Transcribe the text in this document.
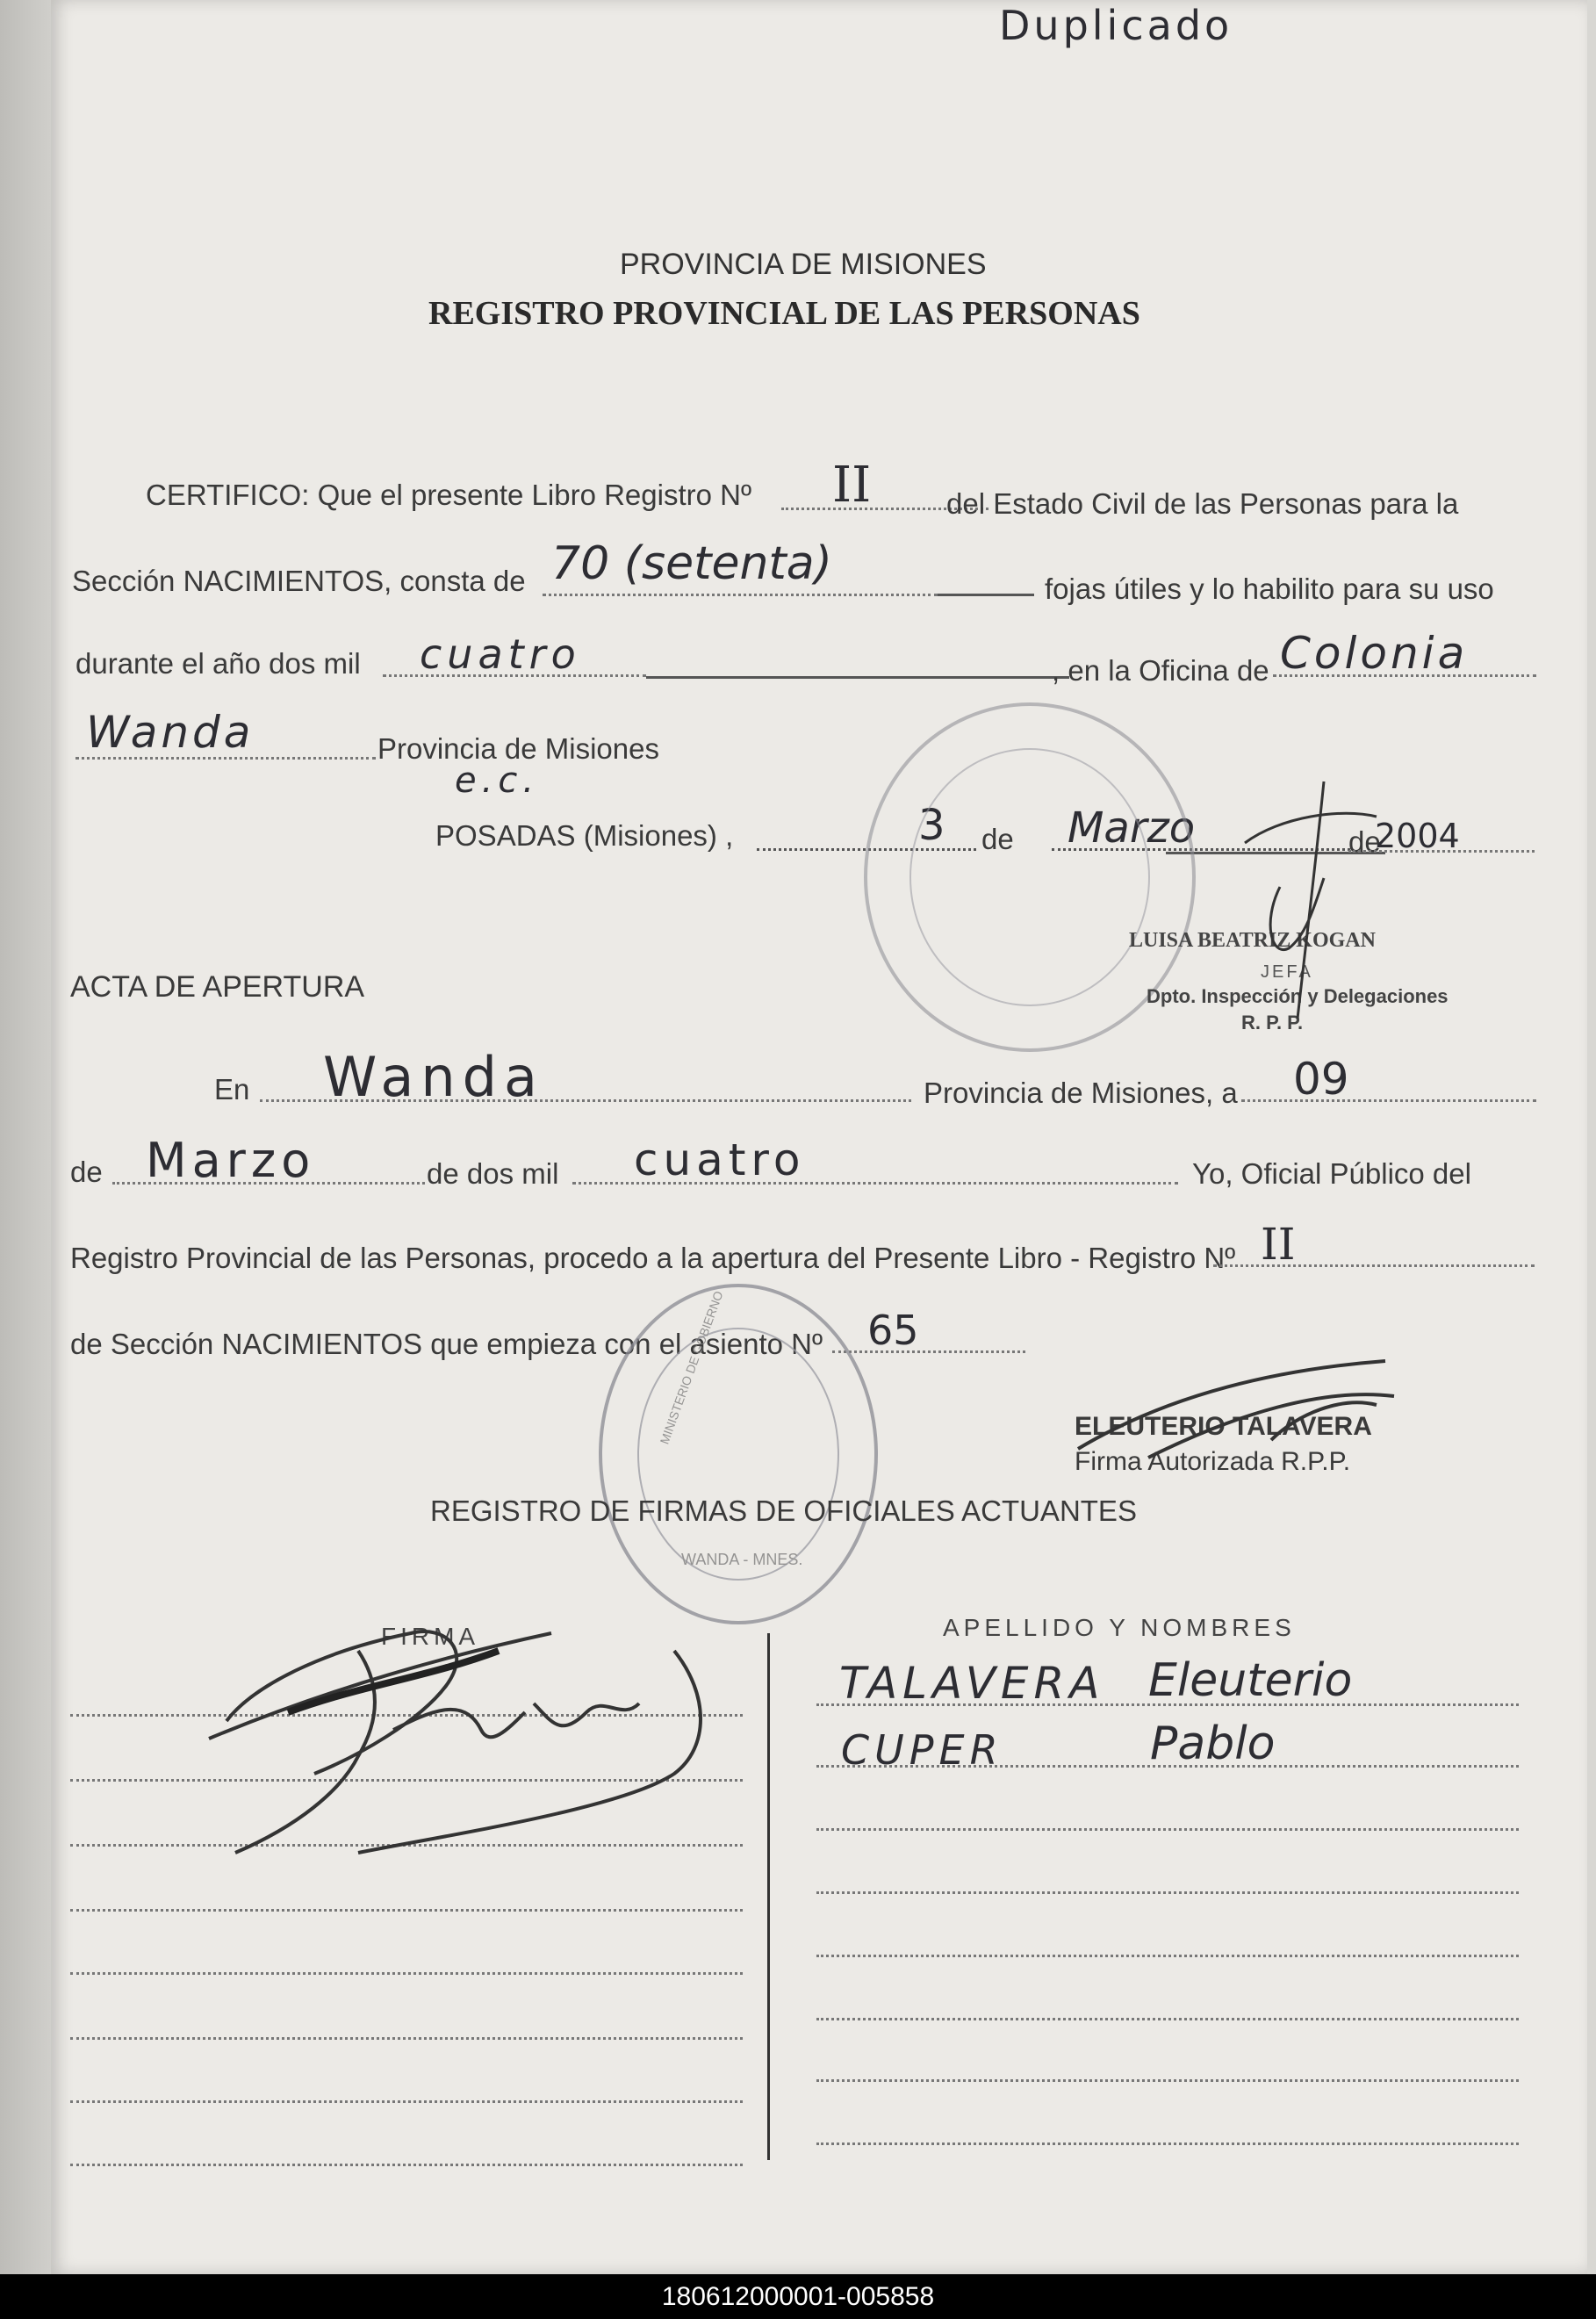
Duplicado
PROVINCIA DE MISIONES
REGISTRO PROVINCIAL DE LAS PERSONAS
CERTIFICO: Que el presente Libro Registro Nº II	del Estado Civil de las Personas para la
Sección NACIMIENTOS, consta de 70 (setenta)	fojas útiles y lo habilito para su uso
durante el año dos mil cuatro	, en la Oficina de Colonia
Wanda	Provincia de Misiones
e.c.
POSADAS (Misiones) ,	3 de Marzo	de
2004
LUISA BEATRIZ KOGAN
JEFA
Dpto. Inspección y Delegaciones
R. P. P.
ACTA DE APERTURA
En Wanda	Provincia de Misiones, a 09
de Marzo	de dos mil cuatro	Yo, Oficial Público del
Registro Provincial de las Personas, procedo a la apertura del Presente Libro - Registro Nº II
de Sección NACIMIENTOS que empieza con el asiento Nº 65
ELEUTERIO TALAVERA
Firma Autorizada R.P.P.
MINISTERIO DE GOBIERNO
WANDA - MNES.
REGISTRO DE FIRMAS DE OFICIALES ACTUANTES
FIRMA	APELLIDO Y NOMBRES
TALAVERA Eleuterio
CUPER	Pablo
180612000001-005858
